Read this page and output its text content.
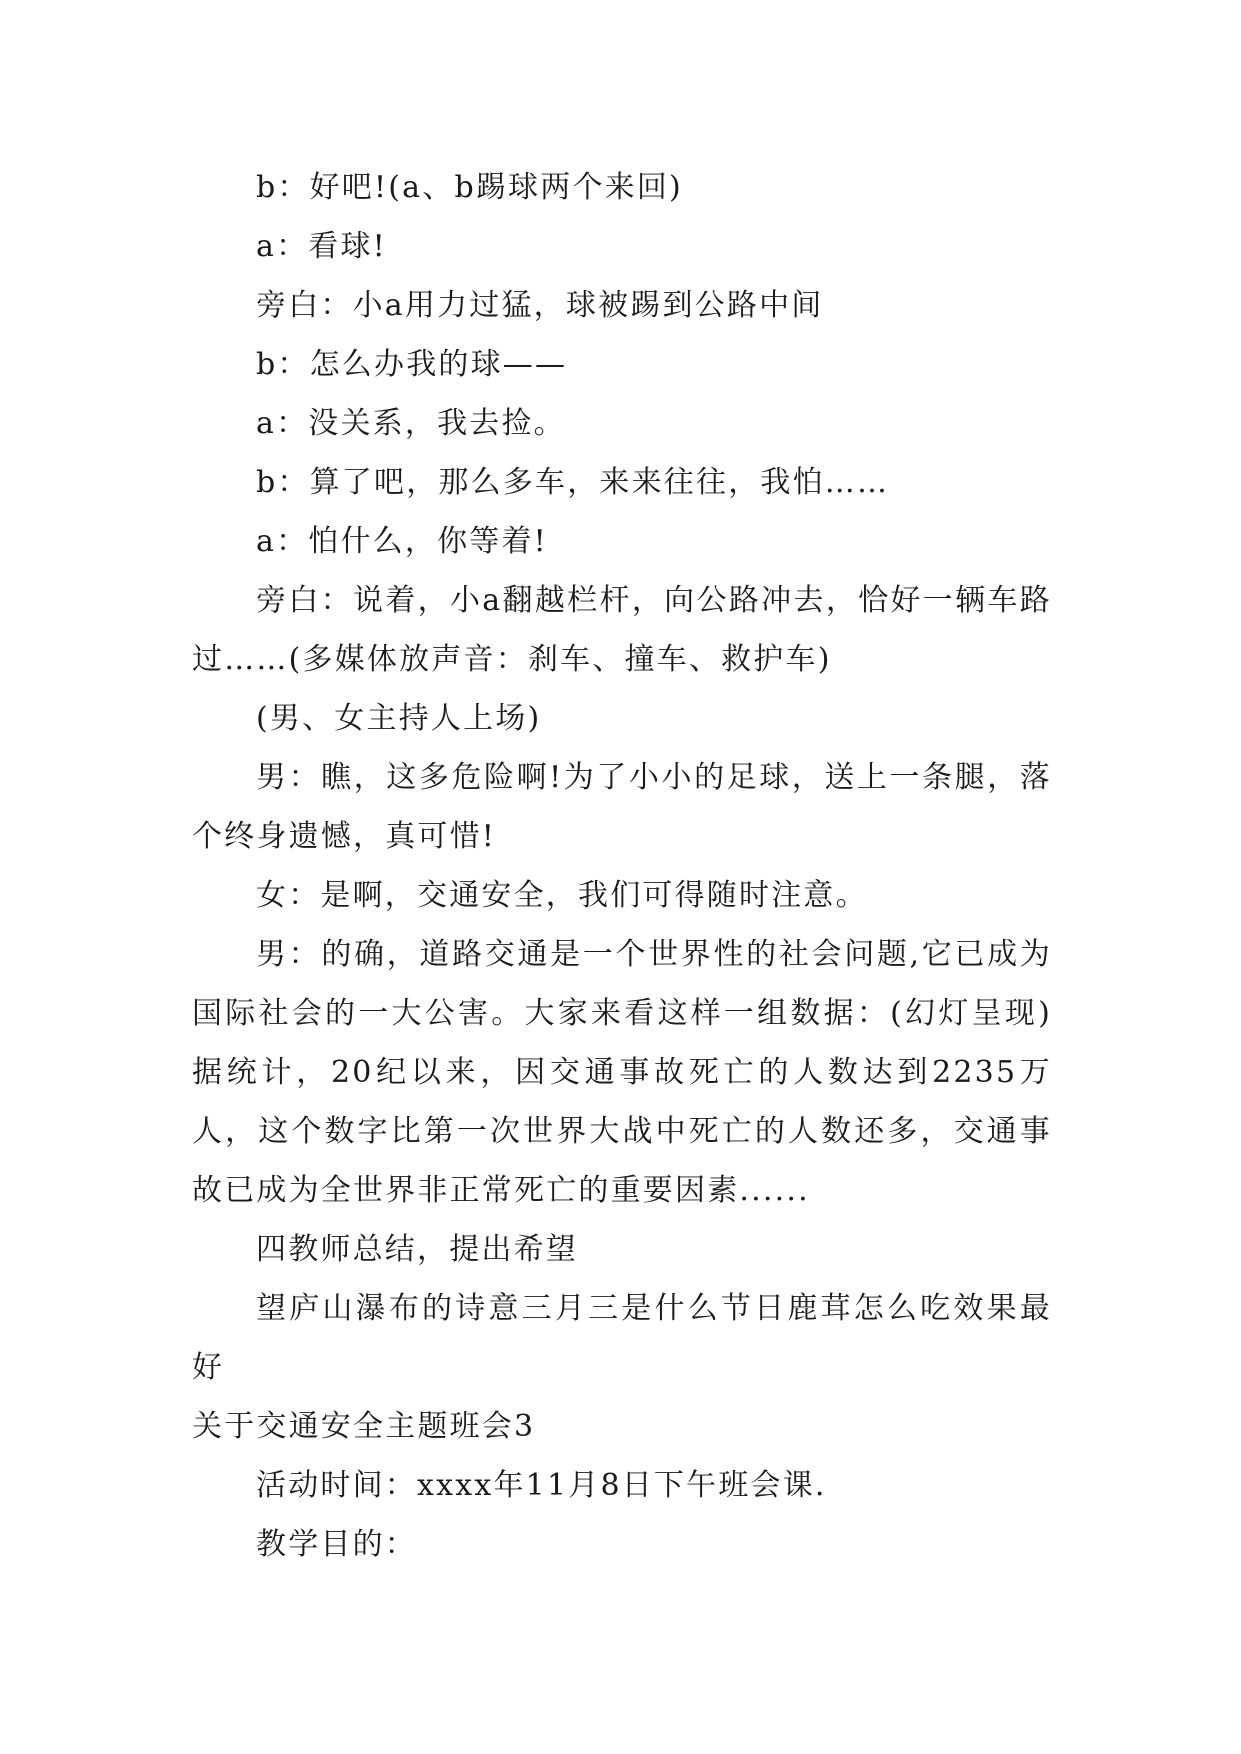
b：好吧!(a、b踢球两个来回)

a：看球!

旁白：小a用力过猛，球被踢到公路中间

b：怎么办我的球——

a：没关系，我去捡。

b：算了吧，那么多车，来来往往，我怕……

a：怕什么，你等着!

旁白：说着，小a翻越栏杆，向公路冲去，恰好一辆车路过……(多媒体放声音：刹车、撞车、救护车)

(男、女主持人上场)

男：瞧，这多危险啊!为了小小的足球，送上一条腿，落个终身遗憾，真可惜!

女：是啊，交通安全，我们可得随时注意。

男：的确，道路交通是一个世界性的社会问题,它已成为国际社会的一大公害。大家来看这样一组数据：(幻灯呈现)据统计，20纪以来，因交通事故死亡的人数达到2235万人，这个数字比第一次世界大战中死亡的人数还多，交通事故已成为全世界非正常死亡的重要因素......

四教师总结，提出希望

望庐山瀑布的诗意三月三是什么节日鹿茸怎么吃效果最好

关于交通安全主题班会3

活动时间：xxxx年11月8日下午班会课.

教学目的：
